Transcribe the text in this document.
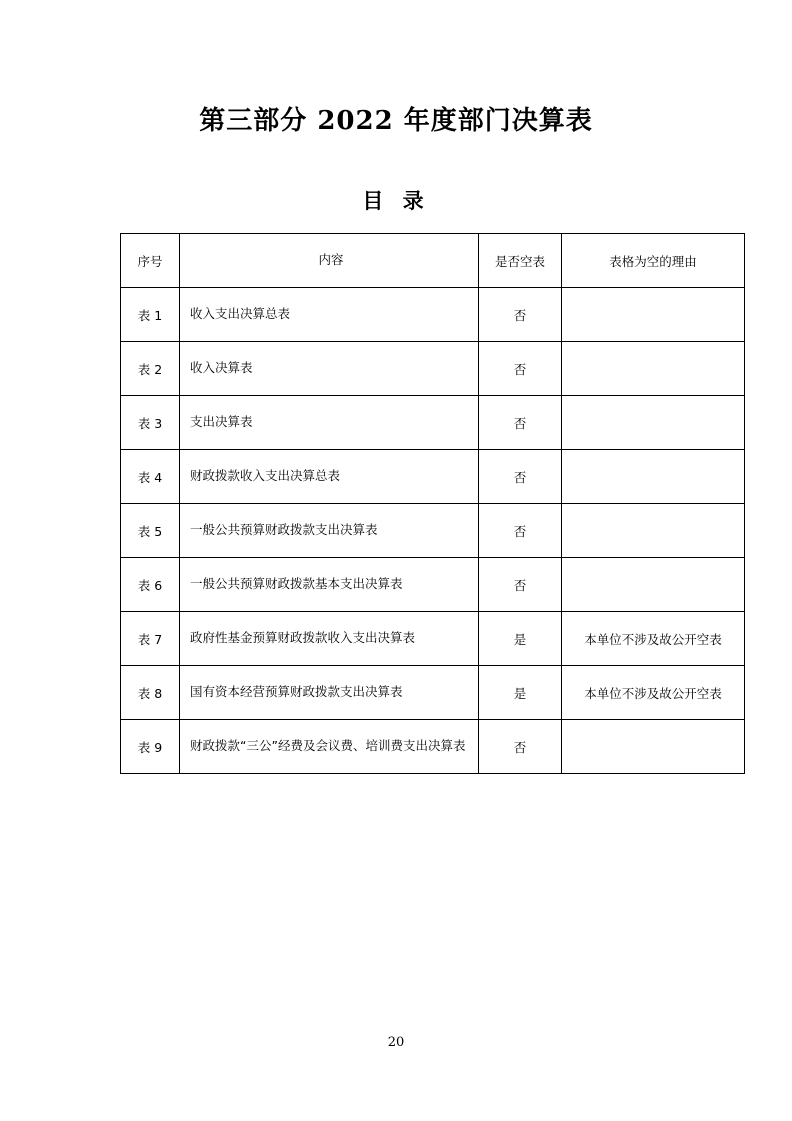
第三部分 2022 年度部门决算表
目 录
序号	内容	是否空表	表格为空的理由
表 1	收入支出决算总表	否	
表 2	收入决算表	否	
表 3	支出决算表	否	
表 4	财政拨款收入支出决算总表	否	
表 5	一般公共预算财政拨款支出决算表	否	
表 6	一般公共预算财政拨款基本支出决算表	否	
表 7	政府性基金预算财政拨款收入支出决算表	是	本单位不涉及故公开空表
表 8	国有资本经营预算财政拨款支出决算表	是	本单位不涉及故公开空表
表 9	财政拨款“三公”经费及会议费、培训费支出决算表	否	
20
